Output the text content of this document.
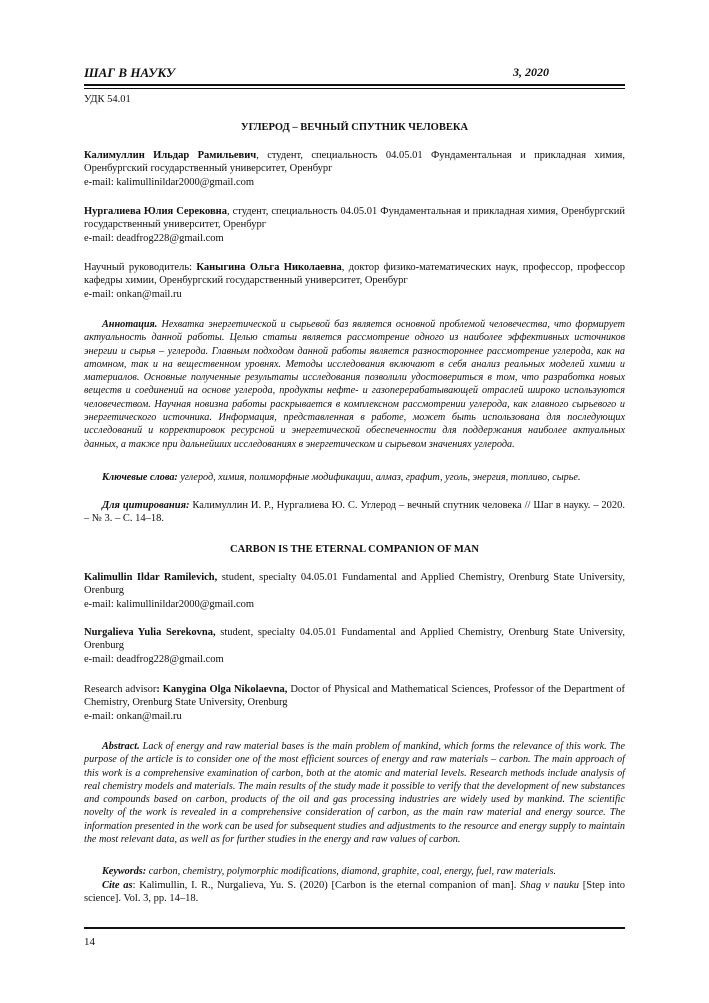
ШАГ В НАУКУ	3, 2020
УДК 54.01
УГЛЕРОД – ВЕЧНЫЙ СПУТНИК ЧЕЛОВЕКА
Калимуллин Ильдар Рамильевич, студент, специальность 04.05.01 Фундаментальная и прикладная химия, Оренбургский государственный университет, Оренбург
e-mail: kalimullinildar2000@gmail.com
Нургалиева Юлия Серековна, студент, специальность 04.05.01 Фундаментальная и прикладная химия, Оренбургский государственный университет, Оренбург
e-mail: deadfrog228@gmail.com
Научный руководитель: Каныгина Ольга Николаевна, доктор физико-математических наук, профессор, профессор кафедры химии, Оренбургский государственный университет, Оренбург
e-mail: onkan@mail.ru
Аннотация. Нехватка энергетической и сырьевой баз является основной проблемой человечества, что формирует актуальность данной работы. Целью статьи является рассмотрение одного из наиболее эффективных источников энергии и сырья – углерода. Главным подходом данной работы является разностороннее рассмотрение углерода, как на атомном, так и на вещественном уровнях. Методы исследования включают в себя анализ реальных моделей химии и материалов. Основные полученные результаты исследования позволили удостовериться в том, что разработка новых веществ и соединений на основе углерода, продукты нефте- и газоперерабатывающей отраслей широко используются человечеством. Научная новизна работы раскрывается в комплексном рассмотрении углерода, как главного сырьевого и энергетического источника. Информация, представленная в работе, может быть использована для последующих исследований и корректировок ресурсной и энергетической обеспеченности для поддержания наиболее актуальных данных, а также при дальнейших исследованиях в энергетическом и сырьевом значениях углерода.
Ключевые слова: углерод, химия, полиморфные модификации, алмаз, графит, уголь, энергия, топливо, сырье.
Для цитирования: Калимуллин И. Р., Нургалиева Ю. С. Углерод – вечный спутник человека // Шаг в науку. – 2020. – № 3. – С. 14–18.
CARBON IS THE ETERNAL COMPANION OF MAN
Kalimullin Ildar Ramilevich, student, specialty 04.05.01 Fundamental and Applied Chemistry, Orenburg State University, Orenburg
e-mail: kalimullinildar2000@gmail.com
Nurgalieva Yulia Serekovna, student, specialty 04.05.01 Fundamental and Applied Chemistry, Orenburg State University, Orenburg
e-mail: deadfrog228@gmail.com
Research advisor: Kanygina Olga Nikolaevna, Doctor of Physical and Mathematical Sciences, Professor of the Department of Chemistry, Orenburg State University, Orenburg
e-mail: onkan@mail.ru
Abstract. Lack of energy and raw material bases is the main problem of mankind, which forms the relevance of this work. The purpose of the article is to consider one of the most efficient sources of energy and raw materials – carbon. The main approach of this work is a comprehensive examination of carbon, both at the atomic and material levels. Research methods include analysis of real chemistry models and materials. The main results of the study made it possible to verify that the development of new substances and compounds based on carbon, products of the oil and gas processing industries are widely used by mankind. The scientific novelty of the work is revealed in a comprehensive consideration of carbon, as the main raw material and energy source. The information presented in the work can be used for subsequent studies and adjustments to the resource and energy supply to maintain the most relevant data, as well as for further studies in the energy and raw values of carbon.
Keywords: carbon, chemistry, polymorphic modifications, diamond, graphite, coal, energy, fuel, raw materials.
Cite as: Kalimullin, I. R., Nurgalieva, Yu. S. (2020) [Carbon is the eternal companion of man]. Shag v nauku [Step into science]. Vol. 3, pp. 14–18.
14
